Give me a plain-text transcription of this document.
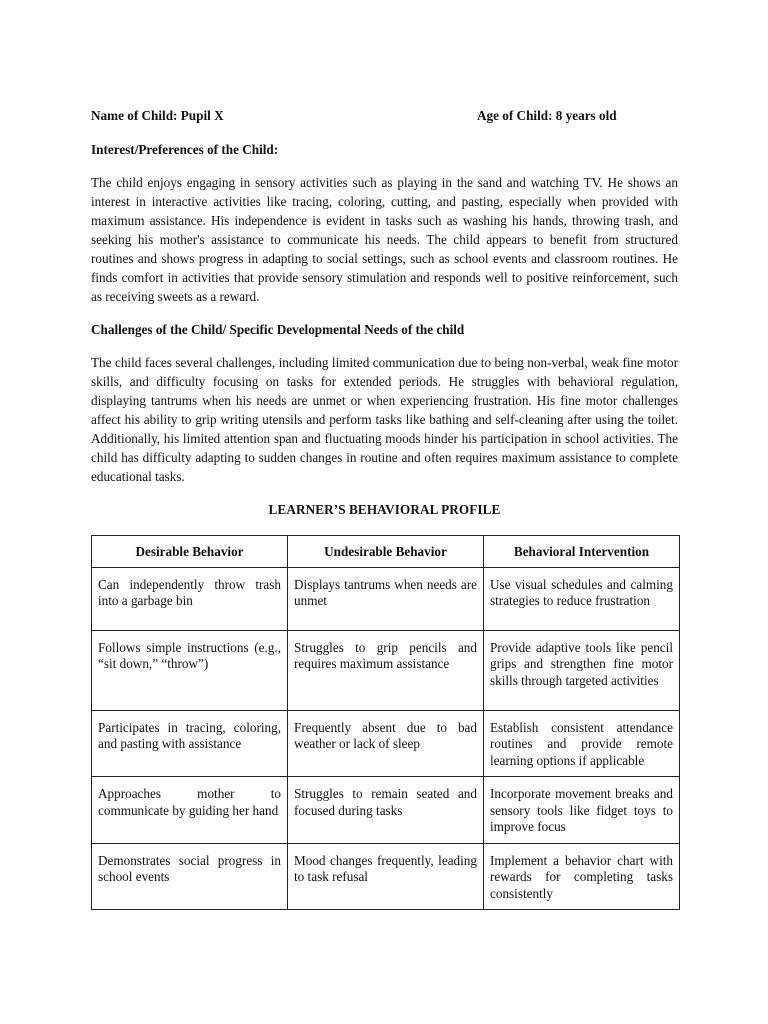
Name of Child: Pupil X	Age of Child: 8 years old
Interest/Preferences of the Child:
The child enjoys engaging in sensory activities such as playing in the sand and watching TV. He shows an interest in interactive activities like tracing, coloring, cutting, and pasting, especially when provided with maximum assistance. His independence is evident in tasks such as washing his hands, throwing trash, and seeking his mother's assistance to communicate his needs. The child appears to benefit from structured routines and shows progress in adapting to social settings, such as school events and classroom routines. He finds comfort in activities that provide sensory stimulation and responds well to positive reinforcement, such as receiving sweets as a reward.
Challenges of the Child/ Specific Developmental Needs of the child
The child faces several challenges, including limited communication due to being non-verbal, weak fine motor skills, and difficulty focusing on tasks for extended periods. He struggles with behavioral regulation, displaying tantrums when his needs are unmet or when experiencing frustration. His fine motor challenges affect his ability to grip writing utensils and perform tasks like bathing and self-cleaning after using the toilet. Additionally, his limited attention span and fluctuating moods hinder his participation in school activities. The child has difficulty adapting to sudden changes in routine and often requires maximum assistance to complete educational tasks.
LEARNER’S BEHAVIORAL PROFILE
Desirable Behavior	Undesirable Behavior	Behavioral Intervention
Can independently throw trash into a garbage bin	Displays tantrums when needs are unmet	Use visual schedules and calming strategies to reduce frustration
Follows simple instructions (e.g., “sit down,” “throw”)	Struggles to grip pencils and requires maximum assistance	Provide adaptive tools like pencil grips and strengthen fine motor skills through targeted activities
Participates in tracing, coloring, and pasting with assistance	Frequently absent due to bad weather or lack of sleep	Establish consistent attendance routines and provide remote learning options if applicable
Approaches mother to communicate by guiding her hand	Struggles to remain seated and focused during tasks	Incorporate movement breaks and sensory tools like fidget toys to improve focus
Demonstrates social progress in school events	Mood changes frequently, leading to task refusal	Implement a behavior chart with rewards for completing tasks consistently
